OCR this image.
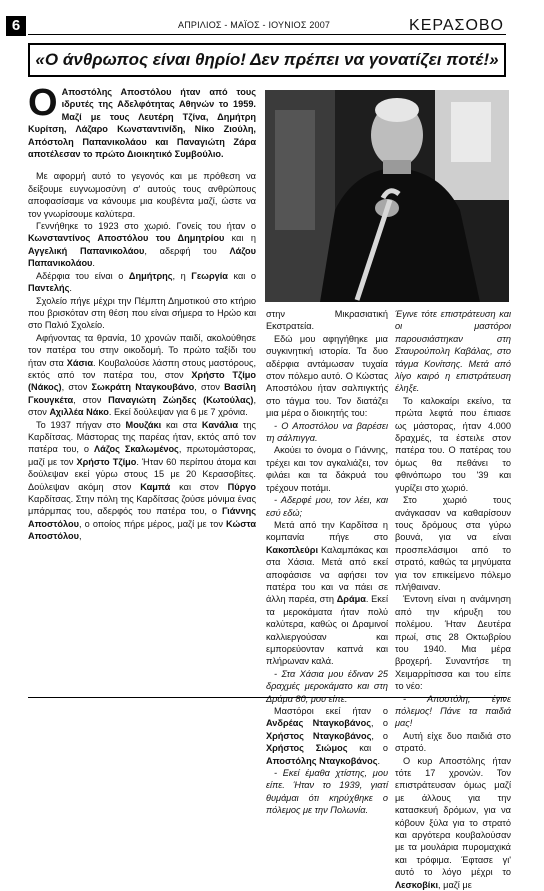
6	ΑΠΡΙΛΙΟΣ - ΜΑΪΟΣ - ΙΟΥΝΙΟΣ 2007	ΚΕΡΑΣΟΒΟ
«Ο άνθρωπος είναι θηρίο! Δεν πρέπει να γονατίζει ποτέ!»

Ο Αποστόλης Αποστόλου ήταν από τους ιδρυτές της Αδελφότητας Αθηνών το 1959. Μαζί με τους Λευτέρη Τζίνα, Δημήτρη Κυρίτση, Λάζαρο Κωνσταντινίδη, Νίκο Ζιούλη, Απόστολη Παπανικολάου και Παναγιώτη Ζάρα αποτέλεσαν το πρώτο Διοικητικό Συμβούλιο.

Με αφορμή αυτό το γεγονός και με πρόθεση να δείξουμε ευγνωμοσύνη σ' αυτούς τους ανθρώπους αποφασίσαμε να κάνουμε μια κουβέντα μαζί, ώστε να τον γνωρίσουμε καλύτερα.

Γεννήθηκε το 1923 στο χωριό. Γονείς του ήταν ο Κωνσταντίνος Αποστόλου του Δημητρίου και η Αγγελική Παπανικολάου, αδερφή του Λάζου Παπανικολάου.

Αδέρφια του είναι ο Δημήτρης, η Γεωργία και ο Παντελής.

Σχολείο πήγε μέχρι την Πέμπτη Δημοτικού στο κτήριο που βρισκόταν στη θέση που είναι σήμερα το Ηρώο και στο Παλιό Σχολείο.

Αφήνοντας τα θρανία, 10 χρονών παιδί, ακολούθησε τον πατέρα του στην οικοδομή. Το πρώτο ταξίδι του ήταν στα Χάσια. Κουβαλούσε λάσπη στους μαστόρους, εκτός από τον πατέρα του, στον Χρήστο Τζίμο (Νάκος), στον Σωκράτη Νταγκουβάνο, στον Βασίλη Γκουγκέτα, στον Παναγιώτη Ζώηδες (Κωτούλας), στον Αχιλλέα Νάκο. Εκεί δούλεψαν για 6 με 7 χρόνια.

Το 1937 πήγαν στο Μουζάκι και στα Κανάλια της Καρδίτσας. Μάστορας της παρέας ήταν, εκτός από τον πατέρα του, ο Λάζος Σκαλωμένος, πρωτομάστορας, μαζί με τον Χρήστο Τζίμο. Ήταν 60 περίπου άτομα και δούλεψαν εκεί γύρω στους 15 με 20 Κερασοβίτες. Δούλεψαν ακόμη στον Καμπά και στον Πύργο Καρδίτσας. Στην πόλη της Καρδίτσας ζούσε μόνιμα ένας μπάρμπας του, αδερφός του πατέρα του, ο Γιάννης Αποστόλου, ο οποίος πήρε μέρος, μαζί με τον Κώστα Αποστόλου,

στην Μικρασιατική Εκστρατεία.

Εδώ μου αφηγήθηκε μια συγκινητική ιστορία. Τα δυο αδέρφια αντάμωσαν τυχαία στον πόλεμο αυτό. Ο Κώστας Αποστόλου ήταν σαλπιγκτής στο τάγμα του. Τον διατάζει μια μέρα ο διοικητής του:

- Ο Αποστόλου να βαρέσει τη σάλπιγγα.

Ακούει το όνομα ο Γιάννης, τρέχει και τον αγκαλιάζει, τον φιλάει και τα δάκρυά του τρέχουν ποτάμι.

- Αδερφέ μου, τον λέει, και εσύ εδώ;

Μετά από την Καρδίτσα η κομπανία πήγε στο Κακοπλεύρι Καλαμπάκας και στα Χάσια. Μετά από εκεί αποφάσισε να αφήσει τον πατέρα του και να πάει σε άλλη παρέα, στη Δράμα. Εκεί τα μεροκάματα ήταν πολύ καλύτερα, καθώς οι Δραμινοί καλλιεργούσαν και εμπορεύονταν καπνά και πλήρωναν καλά.

- Στα Χάσια μου έδιναν 25 δραχμές μεροκάματο και στη Δράμα 80, μου είπε.

Μαστόροι εκεί ήταν ο Ανδρέας Νταγκοβάνος, ο Χρήστος Νταγκοβάνος, ο Χρήστος Σιώμος και ο Αποστόλης Νταγκοβάνος.

- Εκεί έμαθα χτίστης, μου είπε. Ήταν το 1939, γιατί θυμάμαι ότι κηρύχθηκε ο πόλεμος με την Πολωνία.

Έγινε τότε επιστράτευση και οι μαστόροι παρουσιάστηκαν στη Σταυρούπολη Καβάλας, στο τάγμα Κονίτσης. Μετά από λίγο καιρό η επιστράτευση έληξε.

Το καλοκαίρι εκείνο, τα πρώτα λεφτά που έπιασε ως μάστορας, ήταν 4.000 δραχμές, τα έστειλε στον πατέρα του. Ο πατέρας του όμως θα πεθάνει το φθινόπωρο του '39 και γυρίζει στο χωριό.

Στο χωριό τους ανάγκασαν να καθαρίσουν τους δρόμους στα γύρω βουνά, για να είναι προσπελάσιμοι από το στρατό, καθώς τα μηνύματα για τον επικείμενο πόλεμο πλήθαιναν.

Έντονη είναι η ανάμνηση από την κήρυξη του πολέμου. Ήταν Δευτέρα πρωί, στις 28 Οκτωβρίου του 1940. Μια μέρα βροχερή. Συναντήσε τη Χειμαρρίτισσα και του είπε το νέο:

- Αποστόλη, έγινε πόλεμος! Πάνε τα παιδιά μας!

Αυτή είχε δυο παιδιά στο στρατό.

Ο κυρ Αποστόλης ήταν τότε 17 χρονών. Τον επιστράτευσαν όμως μαζί με άλλους για την κατασκευή δρόμων, για να κόβουν ξύλα για το στρατό και αργότερα κουβαλούσαν με τα μουλάρια πυρομαχικά και τρόφιμα. Έφτασε γι' αυτό το λόγο μέχρι το Λεσκοβίκι, μαζί με
